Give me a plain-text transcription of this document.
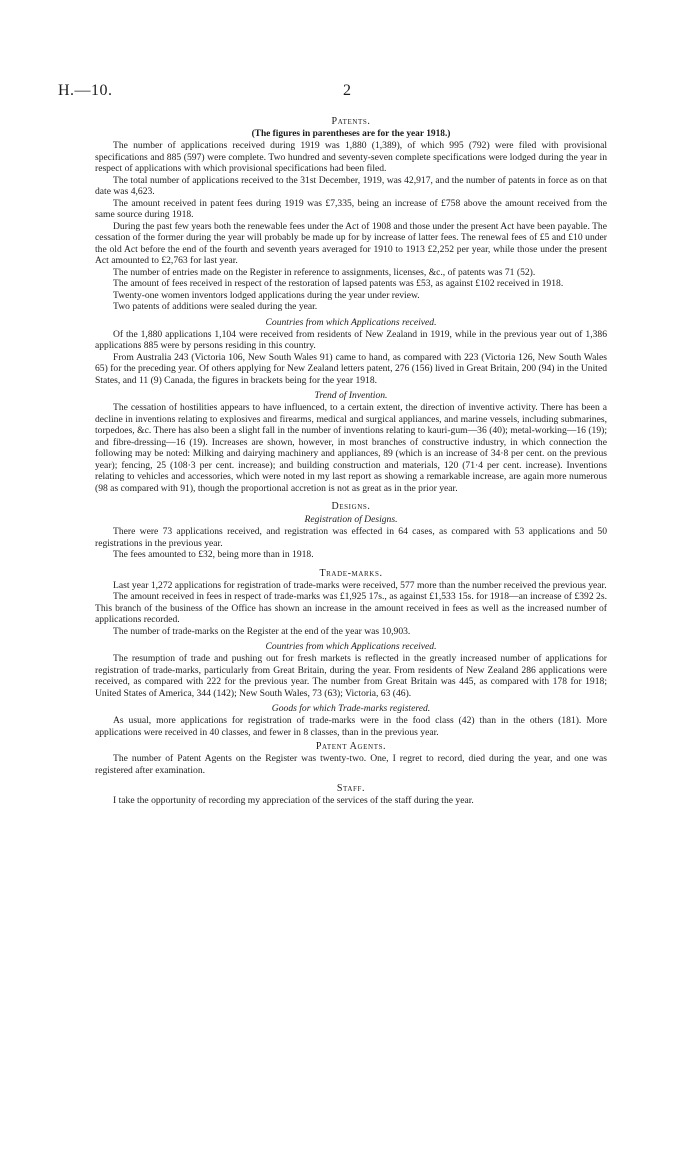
H.—10.	2

Patents.

(The figures in parentheses are for the year 1918.)

The number of applications received during 1919 was 1,880 (1,389), of which 995 (792) were filed with provisional specifications and 885 (597) were complete. Two hundred and seventy-seven complete specifications were lodged during the year in respect of applications with which provisional specifications had been filed.

The total number of applications received to the 31st December, 1919, was 42,917, and the number of patents in force as on that date was 4,623.

The amount received in patent fees during 1919 was £7,335, being an increase of £758 above the amount received from the same source during 1918.

During the past few years both the renewable fees under the Act of 1908 and those under the present Act have been payable. The cessation of the former during the year will probably be made up for by increase of latter fees. The renewal fees of £5 and £10 under the old Act before the end of the fourth and seventh years averaged for 1910 to 1913 £2,252 per year, while those under the present Act amounted to £2,763 for last year.

The number of entries made on the Register in reference to assignments, licenses, &c., of patents was 71 (52).

The amount of fees received in respect of the restoration of lapsed patents was £53, as against £102 received in 1918.

Twenty-one women inventors lodged applications during the year under review.

Two patents of additions were sealed during the year.

Countries from which Applications received.

Of the 1,880 applications 1,104 were received from residents of New Zealand in 1919, while in the previous year out of 1,386 applications 885 were by persons residing in this country.

From Australia 243 (Victoria 106, New South Wales 91) came to hand, as compared with 223 (Victoria 126, New South Wales 65) for the preceding year. Of others applying for New Zealand letters patent, 276 (156) lived in Great Britain, 200 (94) in the United States, and 11 (9) Canada, the figures in brackets being for the year 1918.

Trend of Invention.

The cessation of hostilities appears to have influenced, to a certain extent, the direction of inventive activity. There has been a decline in inventions relating to explosives and firearms, medical and surgical appliances, and marine vessels, including submarines, torpedoes, &c. There has also been a slight fall in the number of inventions relating to kauri-gum—36 (40); metal-working—16 (19); and fibre-dressing—16 (19). Increases are shown, however, in most branches of constructive industry, in which connection the following may be noted: Milking and dairying machinery and appliances, 89 (which is an increase of 34·8 per cent. on the previous year); fencing, 25 (108·3 per cent. increase); and building construction and materials, 120 (71·4 per cent. increase). Inventions relating to vehicles and accessories, which were noted in my last report as showing a remarkable increase, are again more numerous (98 as compared with 91), though the proportional accretion is not as great as in the prior year.

Designs.

Registration of Designs.

There were 73 applications received, and registration was effected in 64 cases, as compared with 53 applications and 50 registrations in the previous year.

The fees amounted to £32, being more than in 1918.

Trade-marks.

Last year 1,272 applications for registration of trade-marks were received, 577 more than the number received the previous year.

The amount received in fees in respect of trade-marks was £1,925 17s., as against £1,533 15s. for 1918—an increase of £392 2s. This branch of the business of the Office has shown an increase in the amount received in fees as well as the increased number of applications recorded.

The number of trade-marks on the Register at the end of the year was 10,903.

Countries from which Applications received.

The resumption of trade and pushing out for fresh markets is reflected in the greatly increased number of applications for registration of trade-marks, particularly from Great Britain, during the year. From residents of New Zealand 286 applications were received, as compared with 222 for the previous year. The number from Great Britain was 445, as compared with 178 for 1918; United States of America, 344 (142); New South Wales, 73 (63); Victoria, 63 (46).

Goods for which Trade-marks registered.

As usual, more applications for registration of trade-marks were in the food class (42) than in the others (181). More applications were received in 40 classes, and fewer in 8 classes, than in the previous year.

Patent Agents.

The number of Patent Agents on the Register was twenty-two. One, I regret to record, died during the year, and one was registered after examination.

Staff.

I take the opportunity of recording my appreciation of the services of the staff during the year.
